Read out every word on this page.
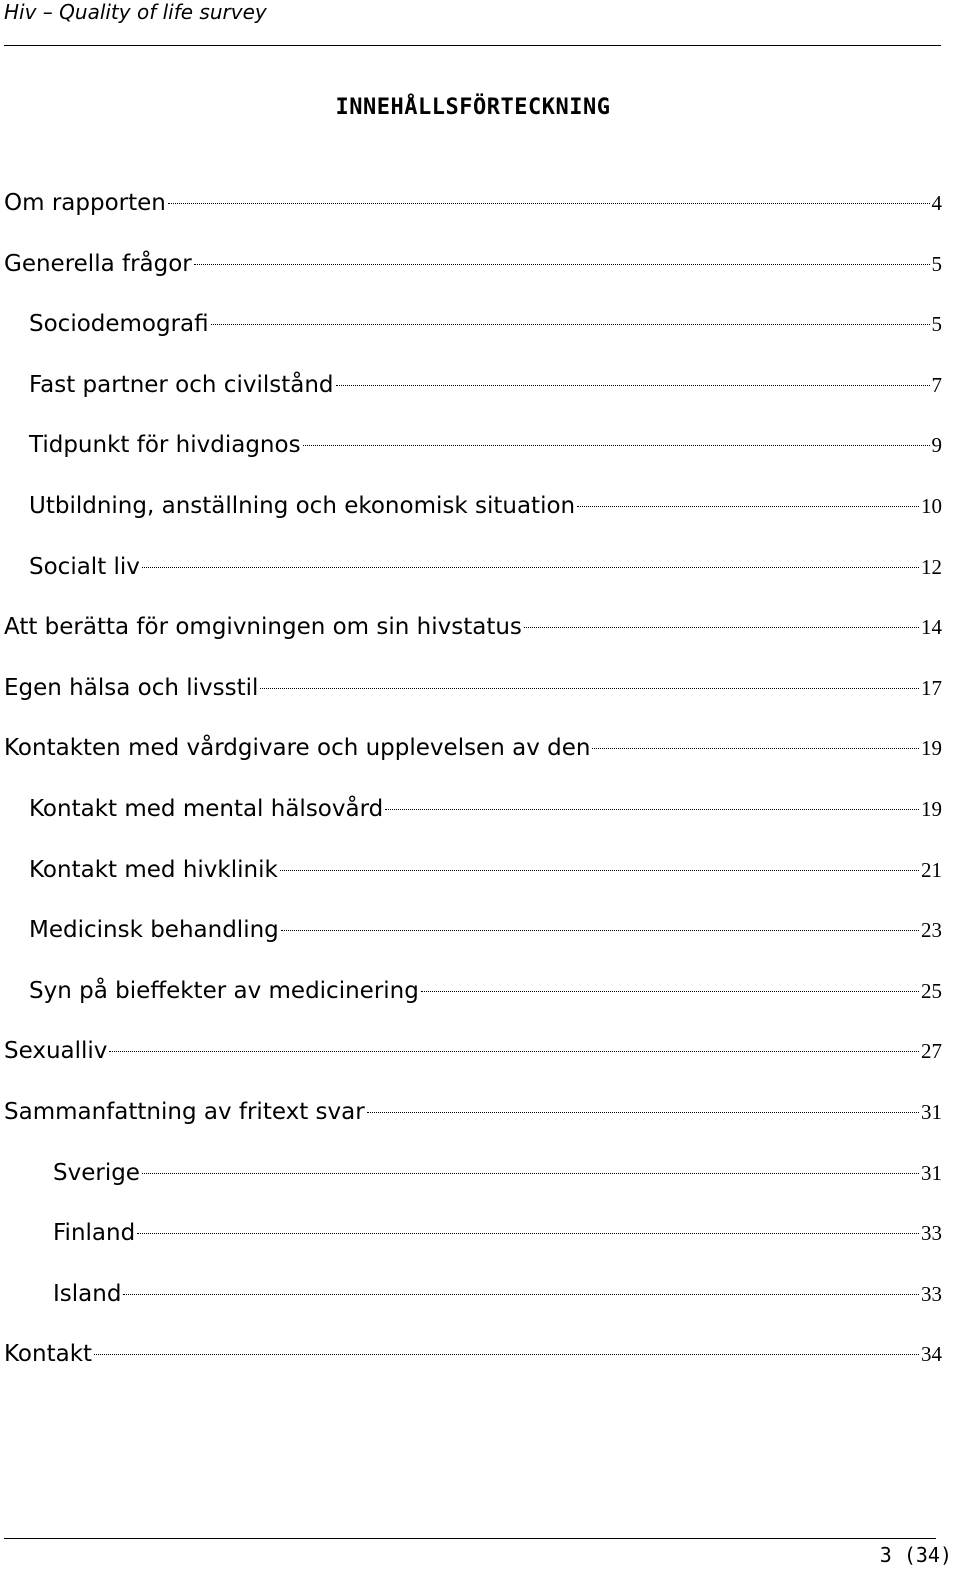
Hiv – Quality of life survey
INNEHÅLLSFÖRTECKNING
Om rapporten	4
Generella frågor	5
Sociodemografi	5
Fast partner och civilstånd	7
Tidpunkt för hivdiagnos	9
Utbildning, anställning och ekonomisk situation	10
Socialt liv	12
Att berätta för omgivningen om sin hivstatus	14
Egen hälsa och livsstil	17
Kontakten med vårdgivare och upplevelsen av den	19
Kontakt med mental hälsovård	19
Kontakt med hivklinik	21
Medicinsk behandling	23
Syn på bieffekter av medicinering	25
Sexualliv	27
Sammanfattning av fritext svar	31
Sverige	31
Finland	33
Island	33
Kontakt	34
3 (34)
